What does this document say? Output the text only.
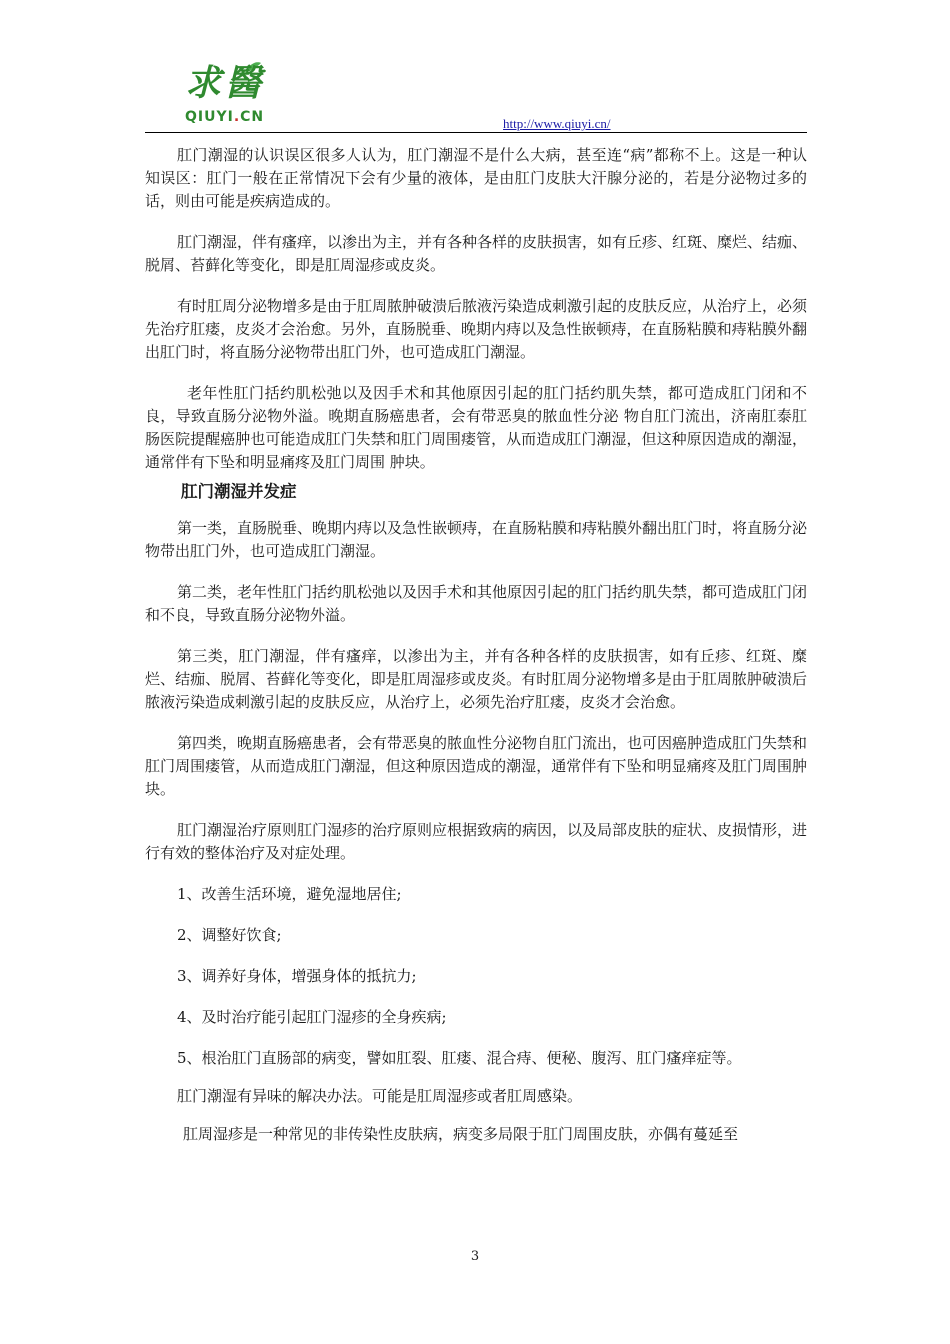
求醫
QIUYI.CN	http://www.qiuyi.cn/

肛门潮湿的认识误区很多人认为，肛门潮湿不是什么大病，甚至连“病”都称不上。这是一种认知误区：肛门一般在正常情况下会有少量的液体，是由肛门皮肤大汗腺分泌的，若是分泌物过多的话，则由可能是疾病造成的。

肛门潮湿，伴有瘙痒，以渗出为主，并有各种各样的皮肤损害，如有丘疹、红斑、糜烂、结痂、脱屑、苔藓化等变化，即是肛周湿疹或皮炎。

有时肛周分泌物增多是由于肛周脓肿破溃后脓液污染造成刺激引起的皮肤反应，从治疗上，必须先治疗肛瘘，皮炎才会治愈。另外，直肠脱垂、晚期内痔以及急性嵌顿痔，在直肠粘膜和痔粘膜外翻出肛门时，将直肠分泌物带出肛门外，也可造成肛门潮湿。

老年性肛门括约肌松弛以及因手术和其他原因引起的肛门括约肌失禁，都可造成肛门闭和不良，导致直肠分泌物外溢。晚期直肠癌患者，会有带恶臭的脓血性分泌 物自肛门流出，济南肛泰肛肠医院提醒癌肿也可能造成肛门失禁和肛门周围瘘管，从而造成肛门潮湿，但这种原因造成的潮湿，通常伴有下坠和明显痛疼及肛门周围 肿块。

肛门潮湿并发症

第一类，直肠脱垂、晚期内痔以及急性嵌顿痔，在直肠粘膜和痔粘膜外翻出肛门时，将直肠分泌物带出肛门外，也可造成肛门潮湿。

第二类，老年性肛门括约肌松弛以及因手术和其他原因引起的肛门括约肌失禁，都可造成肛门闭和不良，导致直肠分泌物外溢。

第三类，肛门潮湿，伴有瘙痒，以渗出为主，并有各种各样的皮肤损害，如有丘疹、红斑、糜烂、结痂、脱屑、苔藓化等变化，即是肛周湿疹或皮炎。有时肛周分泌物增多是由于肛周脓肿破溃后脓液污染造成刺激引起的皮肤反应，从治疗上，必须先治疗肛瘘，皮炎才会治愈。

第四类，晚期直肠癌患者，会有带恶臭的脓血性分泌物自肛门流出，也可因癌肿造成肛门失禁和肛门周围瘘管，从而造成肛门潮湿，但这种原因造成的潮湿，通常伴有下坠和明显痛疼及肛门周围肿块。

肛门潮湿治疗原则肛门湿疹的治疗原则应根据致病的病因，以及局部皮肤的症状、皮损情形，进行有效的整体治疗及对症处理。

1、改善生活环境，避免湿地居住;

2、调整好饮食;

3、调养好身体，增强身体的抵抗力;

4、及时治疗能引起肛门湿疹的全身疾病;

5、根治肛门直肠部的病变，譬如肛裂、肛瘘、混合痔、便秘、腹泻、肛门瘙痒症等。

肛门潮湿有异味的解决办法。可能是肛周湿疹或者肛周感染。

肛周湿疹是一种常见的非传染性皮肤病，病变多局限于肛门周围皮肤，亦偶有蔓延至

3
